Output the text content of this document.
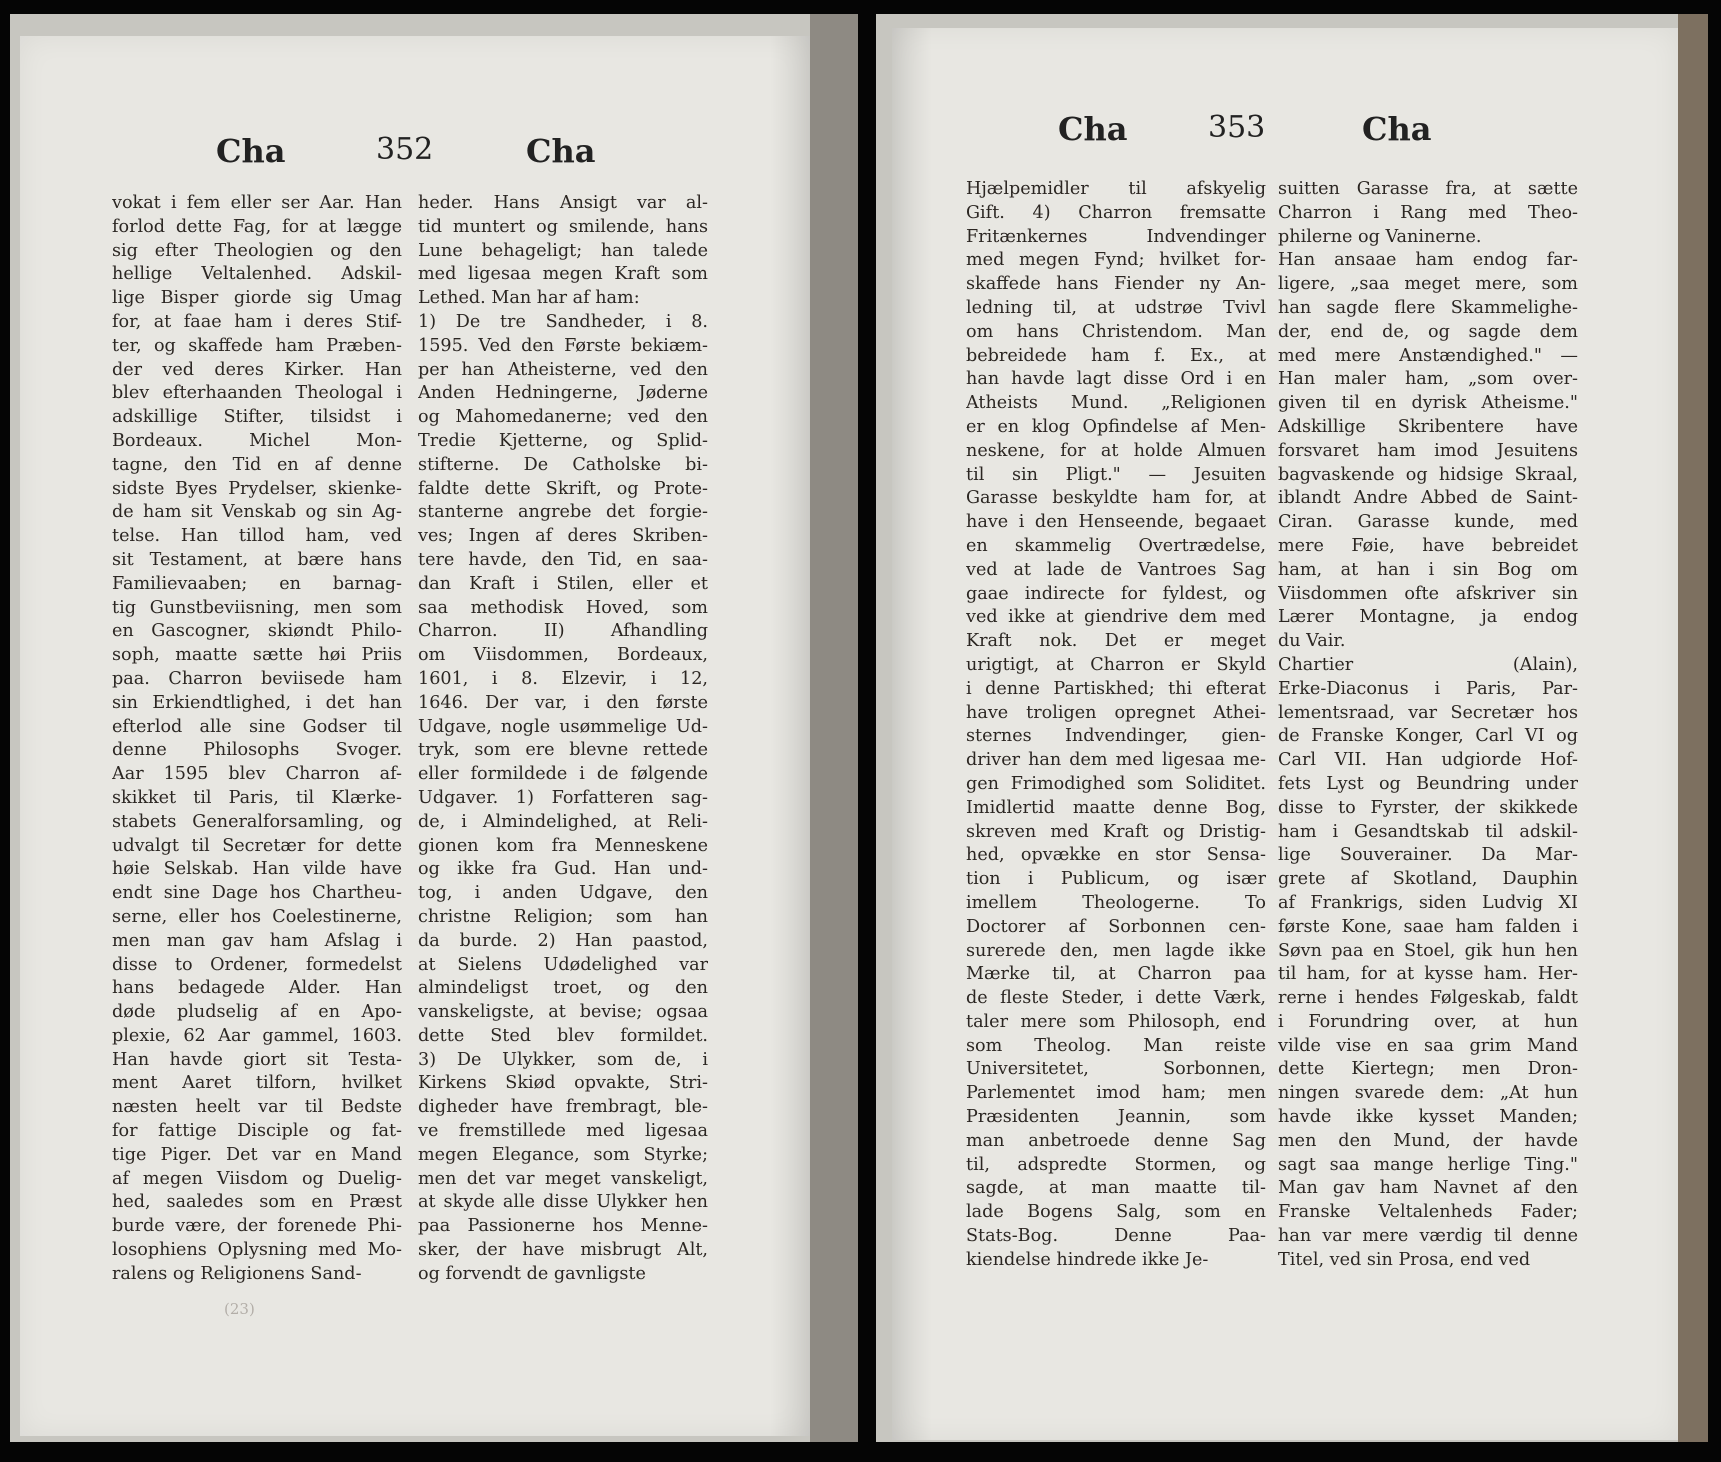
Cha	352	Cha
vokat i fem eller ser Aar. Han
forlod dette Fag, for at lægge
sig efter Theologien og den
hellige Veltalenhed. Adskil-
lige Bisper giorde sig Umag
for, at faae ham i deres Stif-
ter, og skaffede ham Præben-
der ved deres Kirker. Han
blev efterhaanden Theologal i
adskillige Stifter, tilsidst i
Bordeaux. Michel Mon-
tagne, den Tid en af denne
sidste Byes Prydelser, skienke-
de ham sit Venskab og sin Ag-
telse. Han tillod ham, ved
sit Testament, at bære hans
Familievaaben; en barnag-
tig Gunstbeviisning, men som
en Gascogner, skiøndt Philo-
soph, maatte sætte høi Priis
paa. Charron beviisede ham
sin Erkiendtlighed, i det han
efterlod alle sine Godser til
denne Philosophs Svoger.
Aar 1595 blev Charron af-
skikket til Paris, til Klærke-
stabets Generalforsamling, og
udvalgt til Secretær for dette
høie Selskab. Han vilde have
endt sine Dage hos Chartheu-
serne, eller hos Coelestinerne,
men man gav ham Afslag i
disse to Ordener, formedelst
hans bedagede Alder. Han
døde pludselig af en Apo-
plexie, 62 Aar gammel, 1603.
Han havde giort sit Testa-
ment Aaret tilforn, hvilket
næsten heelt var til Bedste
for fattige Disciple og fat-
tige Piger. Det var en Mand
af megen Viisdom og Duelig-
hed, saaledes som en Præst
burde være, der forenede Phi-
losophiens Oplysning med Mo-
ralens og Religionens Sand-
heder. Hans Ansigt var al-
tid muntert og smilende, hans
Lune behageligt; han talede
med ligesaa megen Kraft som
Lethed. Man har af ham:
1) De tre Sandheder, i 8.
1595. Ved den Første bekiæm-
per han Atheisterne, ved den
Anden Hedningerne, Jøderne
og Mahomedanerne; ved den
Tredie Kjetterne, og Splid-
stifterne. De Catholske bi-
faldte dette Skrift, og Prote-
stanterne angrebe det forgie-
ves; Ingen af deres Skriben-
tere havde, den Tid, en saa-
dan Kraft i Stilen, eller et
saa methodisk Hoved, som
Charron. II) Afhandling
om Viisdommen, Bordeaux,
1601, i 8. Elzevir, i 12,
1646. Der var, i den første
Udgave, nogle usømmelige Ud-
tryk, som ere blevne rettede
eller formildede i de følgende
Udgaver. 1) Forfatteren sag-
de, i Almindelighed, at Reli-
gionen kom fra Menneskene
og ikke fra Gud. Han und-
tog, i anden Udgave, den
christne Religion; som han
da burde. 2) Han paastod,
at Sielens Udødelighed var
almindeligst troet, og den
vanskeligste, at bevise; ogsaa
dette Sted blev formildet.
3) De Ulykker, som de, i
Kirkens Skiød opvakte, Stri-
digheder have frembragt, ble-
ve fremstillede med ligesaa
megen Elegance, som Styrke;
men det var meget vanskeligt,
at skyde alle disse Ulykker hen
paa Passionerne hos Menne-
sker, der have misbrugt Alt,
og forvendt de gavnligste
(23)
Cha	353	Cha
Hjælpemidler til afskyelig
Gift. 4) Charron fremsatte
Fritænkernes Indvendinger
med megen Fynd; hvilket for-
skaffede hans Fiender ny An-
ledning til, at udstrøe Tvivl
om hans Christendom. Man
bebreidede ham f. Ex., at
han havde lagt disse Ord i en
Atheists Mund. „Religionen
er en klog Opfindelse af Men-
neskene, for at holde Almuen
til sin Pligt." — Jesuiten
Garasse beskyldte ham for, at
have i den Henseende, begaaet
en skammelig Overtrædelse,
ved at lade de Vantroes Sag
gaae indirecte for fyldest, og
ved ikke at giendrive dem med
Kraft nok. Det er meget
urigtigt, at Charron er Skyld
i denne Partiskhed; thi efterat
have troligen opregnet Athei-
sternes Indvendinger, gien-
driver han dem med ligesaa me-
gen Frimodighed som Soliditet.
Imidlertid maatte denne Bog,
skreven med Kraft og Dristig-
hed, opvække en stor Sensa-
tion i Publicum, og især
imellem Theologerne. To
Doctorer af Sorbonnen cen-
surerede den, men lagde ikke
Mærke til, at Charron paa
de fleste Steder, i dette Værk,
taler mere som Philosoph, end
som Theolog. Man reiste
Universitetet, Sorbonnen,
Parlementet imod ham; men
Præsidenten Jeannin, som
man anbetroede denne Sag
til, adspredte Stormen, og
sagde, at man maatte til-
lade Bogens Salg, som en
Stats-Bog. Denne Paa-
kiendelse hindrede ikke Je-
suitten Garasse fra, at sætte
Charron i Rang med Theo-
philerne og Vaninerne.
Han ansaae ham endog far-
ligere, „saa meget mere, som
han sagde flere Skammelighe-
der, end de, og sagde dem
med mere Anstændighed." —
Han maler ham, „som over-
given til en dyrisk Atheisme."
Adskillige Skribentere have
forsvaret ham imod Jesuitens
bagvaskende og hidsige Skraal,
iblandt Andre Abbed de Saint-
Ciran. Garasse kunde, med
mere Føie, have bebreidet
ham, at han i sin Bog om
Viisdommen ofte afskriver sin
Lærer Montagne, ja endog
du Vair.
Chartier (Alain),
Erke-Diaconus i Paris, Par-
lementsraad, var Secretær hos
de Franske Konger, Carl VI og
Carl VII. Han udgiorde Hof-
fets Lyst og Beundring under
disse to Fyrster, der skikkede
ham i Gesandtskab til adskil-
lige Souverainer. Da Mar-
grete af Skotland, Dauphin
af Frankrigs, siden Ludvig XI
første Kone, saae ham falden i
Søvn paa en Stoel, gik hun hen
til ham, for at kysse ham. Her-
rerne i hendes Følgeskab, faldt
i Forundring over, at hun
vilde vise en saa grim Mand
dette Kiertegn; men Dron-
ningen svarede dem: „At hun
havde ikke kysset Manden;
men den Mund, der havde
sagt saa mange herlige Ting."
Man gav ham Navnet af den
Franske Veltalenheds Fader;
han var mere værdig til denne
Titel, ved sin Prosa, end ved
